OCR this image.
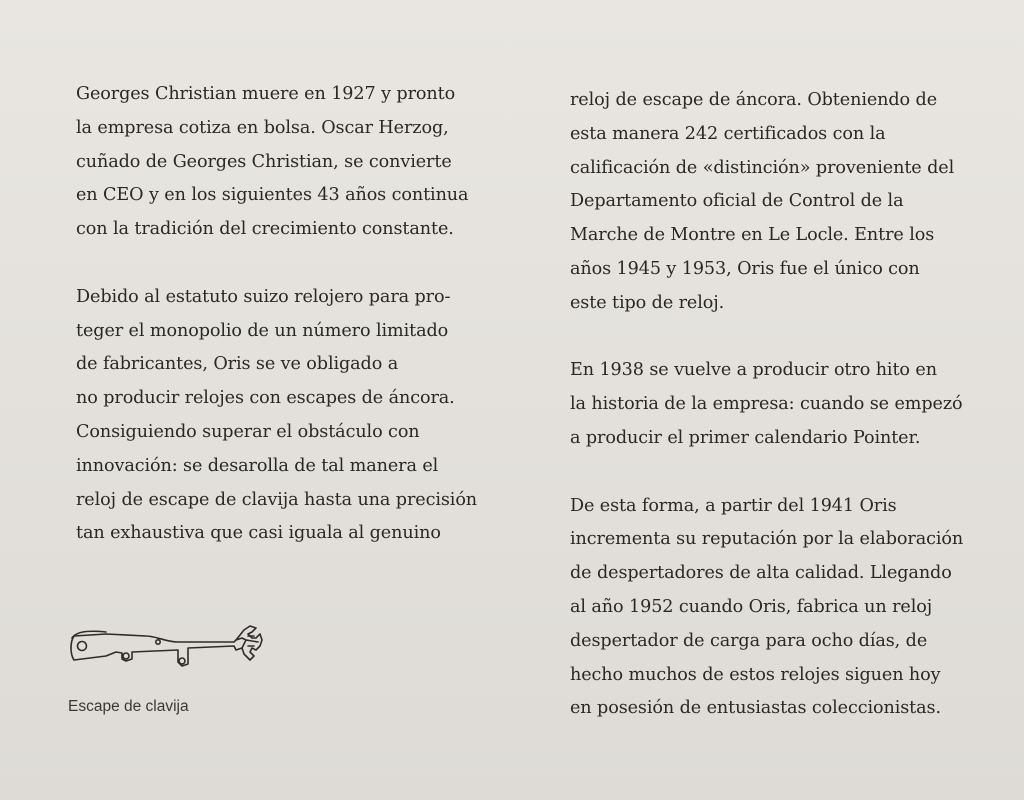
Georges Christian muere en 1927 y pronto
la empresa cotiza en bolsa. Oscar Herzog,
cuñado de Georges Christian, se convierte
en CEO y en los siguientes 43 años continua
con la tradición del crecimiento constante.

Debido al estatuto suizo relojero para pro-
teger el monopolio de un número limitado
de fabricantes, Oris se ve obligado a
no producir relojes con escapes de áncora.
Consiguiendo superar el obstáculo con
innovación: se desarolla de tal manera el
reloj de escape de clavija hasta una precisión
tan exhaustiva que casi iguala al genuino

reloj de escape de áncora. Obteniendo de
esta manera 242 certificados con la
calificación de «distinción» proveniente del
Departamento oficial de Control de la
Marche de Montre en Le Locle. Entre los
años 1945 y 1953, Oris fue el único con
este tipo de reloj.

En 1938 se vuelve a producir otro hito en
la historia de la empresa: cuando se empezó
a producir el primer calendario Pointer.

De esta forma, a partir del 1941 Oris
incrementa su reputación por la elaboración
de despertadores de alta calidad. Llegando
al año 1952 cuando Oris, fabrica un reloj
despertador de carga para ocho días, de
hecho muchos de estos relojes siguen hoy
en posesión de entusiastas coleccionistas.

Escape de clavija
